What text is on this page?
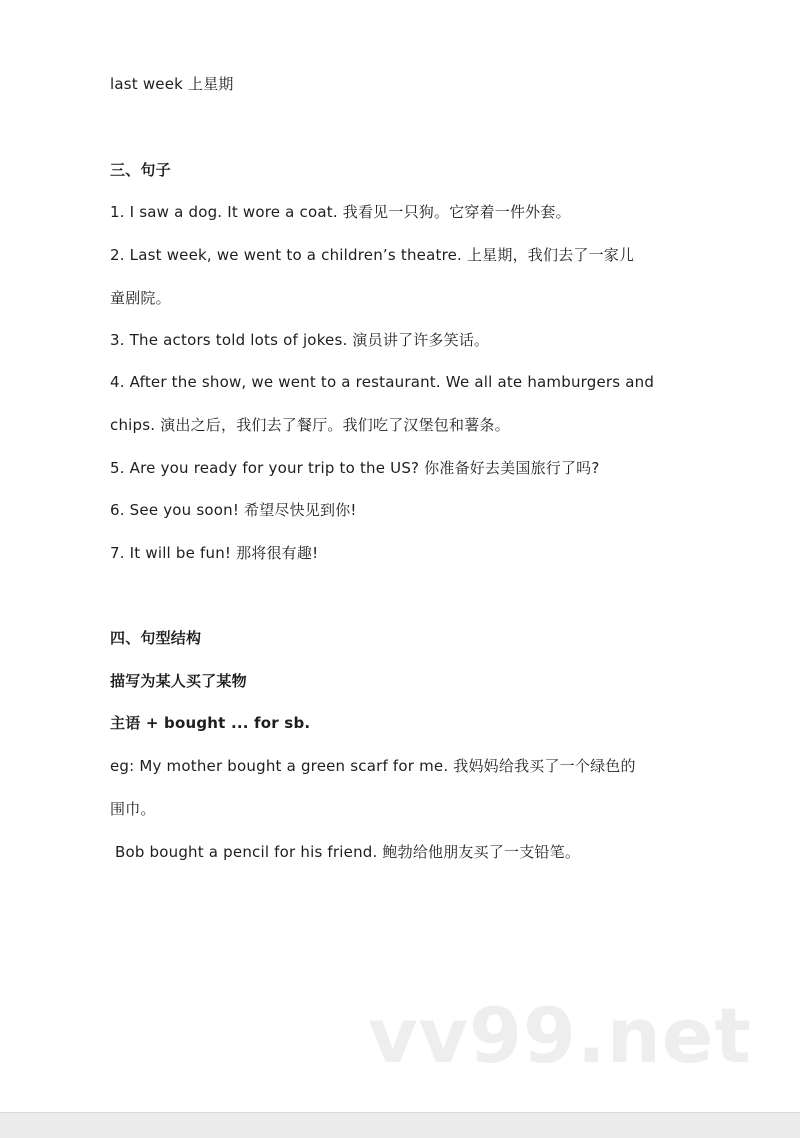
last week 上星期
三、句子
1. I saw a dog. It wore a coat. 我看见一只狗。它穿着一件外套。
2. Last week, we went to a children’s theatre. 上星期，我们去了一家儿
童剧院。
3. The actors told lots of jokes. 演员讲了许多笑话。
4. After the show, we went to a restaurant. We all ate hamburgers and
chips. 演出之后，我们去了餐厅。我们吃了汉堡包和薯条。
5. Are you ready for your trip to the US? 你准备好去美国旅行了吗?
6. See you soon! 希望尽快见到你!
7. It will be fun! 那将很有趣!
四、句型结构
描写为某人买了某物
主语 + bought ... for sb.
eg: My mother bought a green scarf for me. 我妈妈给我买了一个绿色的
围巾。
Bob bought a pencil for his friend. 鲍勃给他朋友买了一支铅笔。
vv99.net
